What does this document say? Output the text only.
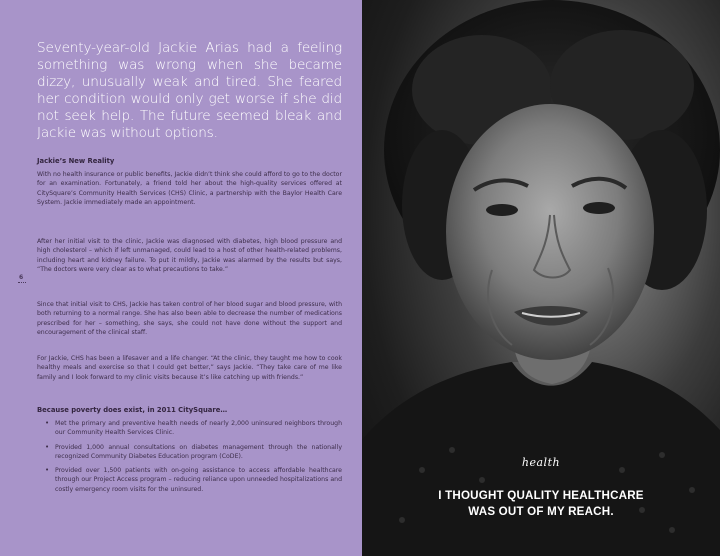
Seventy-year-old Jackie Arias had a feeling something was wrong when she became dizzy, unusually weak and tired. She feared her condition would only get worse if she did not seek help. The future seemed bleak and Jackie was without options.
Jackie’s New Reality
With no health insurance or public benefits, Jackie didn’t think she could afford to go to the doctor for an examination. Fortunately, a friend told her about the high-quality services offered at CitySquare’s Community Health Services (CHS) Clinic, a partnership with the Baylor Health Care System. Jackie immediately made an appointment.
After her initial visit to the clinic, Jackie was diagnosed with diabetes, high blood pressure and high cholesterol – which if left unmanaged, could lead to a host of other health-related problems, including heart and kidney failure. To put it mildly, Jackie was alarmed by the results but says, “The doctors were very clear as to what precautions to take.”
Since that initial visit to CHS, Jackie has taken control of her blood sugar and blood pressure, with both returning to a normal range. She has also been able to decrease the number of medications prescribed for her – something, she says, she could not have done without the support and encouragement of the clinical staff.
For Jackie, CHS has been a lifesaver and a life changer. “At the clinic, they taught me how to cook healthy meals and exercise so that I could get better,” says Jackie. “They take care of me like family and I look forward to my clinic visits because it’s like catching up with friends.”
Because poverty does exist, in 2011 CitySquare…
• Met the primary and preventive health needs of nearly 2,000 uninsured neighbors through our Community Health Services Clinic.
• Provided 1,000 annual consultations on diabetes management through the nationally recognized Community Diabetes Education program (CoDE).
• Provided over 1,500 patients with on-going assistance to access affordable healthcare through our Project Access program – reducing reliance upon unneeded hospitalizations and costly emergency room visits for the uninsured.
6
health
I THOUGHT QUALITY HEALTHCARE
WAS OUT OF MY REACH.
